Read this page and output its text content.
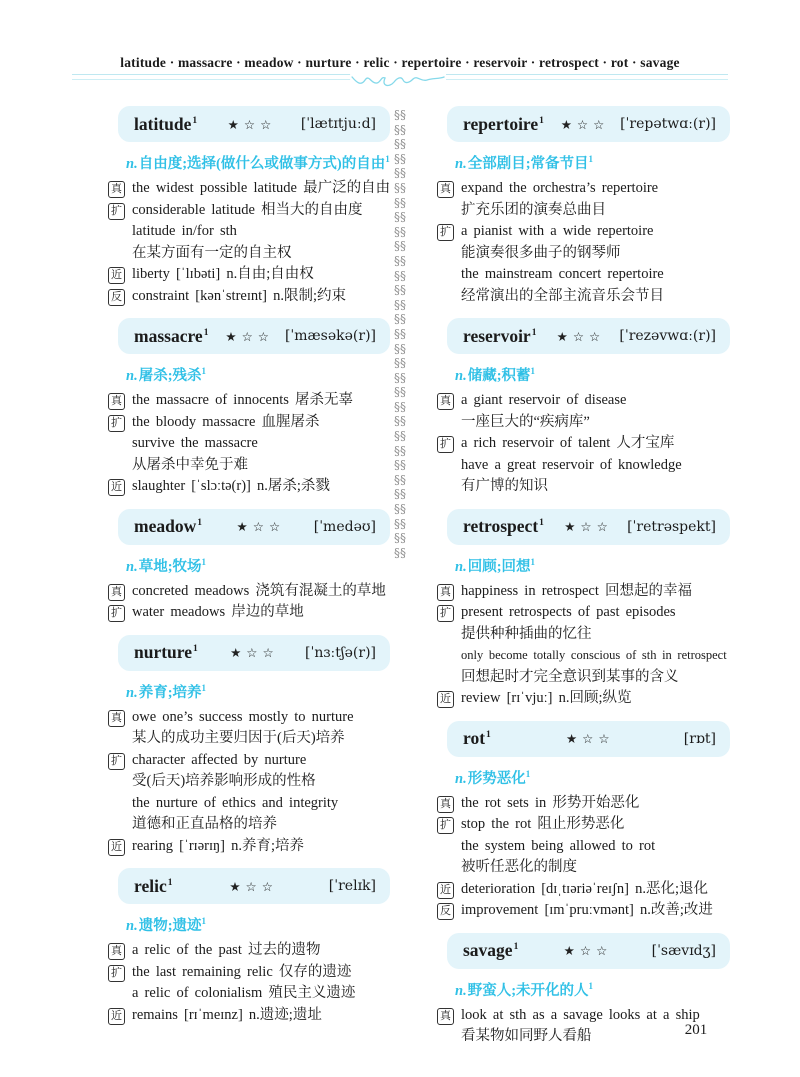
latitude · massacre · meadow · nurture · relic · repertoire · reservoir · retrospect · rot · savage
latitude$^1$	★☆☆	[ˈlætɪtjuːd]
n.自由度;选择(做什么或做事方式)的自由$^1$
真 the widest possible latitude 最广泛的自由
扩 considerable latitude 相当大的自由度
latitude in/for sth
在某方面有一定的自主权
近 liberty [ˈlɪbəti] n.自由;自由权
反 constraint [kənˈstreɪnt] n.限制;约束
massacre$^1$	★☆☆ [ˈmæsəkə(r)]
n.屠杀;残杀$^1$
真 the massacre of innocents 屠杀无辜
扩 the bloody massacre 血腥屠杀
survive the massacre
从屠杀中幸免于难
近 slaughter [ˈslɔːtə(r)] n.屠杀;杀戮
meadow$^1$	★☆☆	[ˈmedəʊ]
n.草地;牧场$^1$
真 concreted meadows 浇筑有混凝土的草地
扩 water meadows 岸边的草地
nurture$^1$	★☆☆	[ˈnɜːtʃə(r)]
n.养育;培养$^1$
真 owe one’s success mostly to nurture
某人的成功主要归因于(后天)培养
扩 character affected by nurture
受(后天)培养影响形成的性格
the nurture of ethics and integrity
道德和正直品格的培养
近 rearing [ˈrɪərɪŋ] n.养育;培养
relic$^1$	★☆☆	[ˈrelɪk]
n.遗物;遗迹$^1$
真 a relic of the past 过去的遗物
扩 the last remaining relic 仅存的遗迹
a relic of colonialism 殖民主义遗迹
近 remains [rɪˈmeɪnz] n.遗迹;遗址
§§§§§§§§§§§§§§§§§§§§§§§§§§§§§§§§§§§§§§§§§§§§§§§§§§§§§§§§§§§§§§
repertoire$^1$	★☆☆ [ˈrepətwɑː(r)]
n.全部剧目;常备节目$^1$
真 expand the orchestra’s repertoire
扩充乐团的演奏总曲目
扩 a pianist with a wide repertoire
能演奏很多曲子的钢琴师
the mainstream concert repertoire
经常演出的全部主流音乐会节目
reservoir$^1$	★☆☆	[ˈrezəvwɑː(r)]
n.储藏;积蓄$^1$
真 a giant reservoir of disease
一座巨大的“疾病库”
扩 a rich reservoir of talent 人才宝库
have a great reservoir of knowledge
有广博的知识
retrospect$^1$	★☆☆	[ˈretrəspekt]
n.回顾;回想$^1$
真 happiness in retrospect 回想起的幸福
扩 present retrospects of past episodes
提供种种插曲的忆往
only become totally conscious of sth in retrospect
回想起时才完全意识到某事的含义
近 review [rɪˈvjuː] n.回顾;纵览
rot$^1$	★☆☆	[rɒt]
n.形势恶化$^1$
真 the rot sets in 形势开始恶化
扩 stop the rot 阻止形势恶化
the system being allowed to rot
被听任恶化的制度
近 deterioration [dɪˌtɪəriəˈreɪʃn] n.恶化;退化
反 improvement [ɪmˈpruːvmənt] n.改善;改进
savage$^1$	★☆☆	[ˈsævɪdʒ]
n.野蛮人;未开化的人$^1$
真 look at sth as a savage looks at a ship
看某物如同野人看船	201
